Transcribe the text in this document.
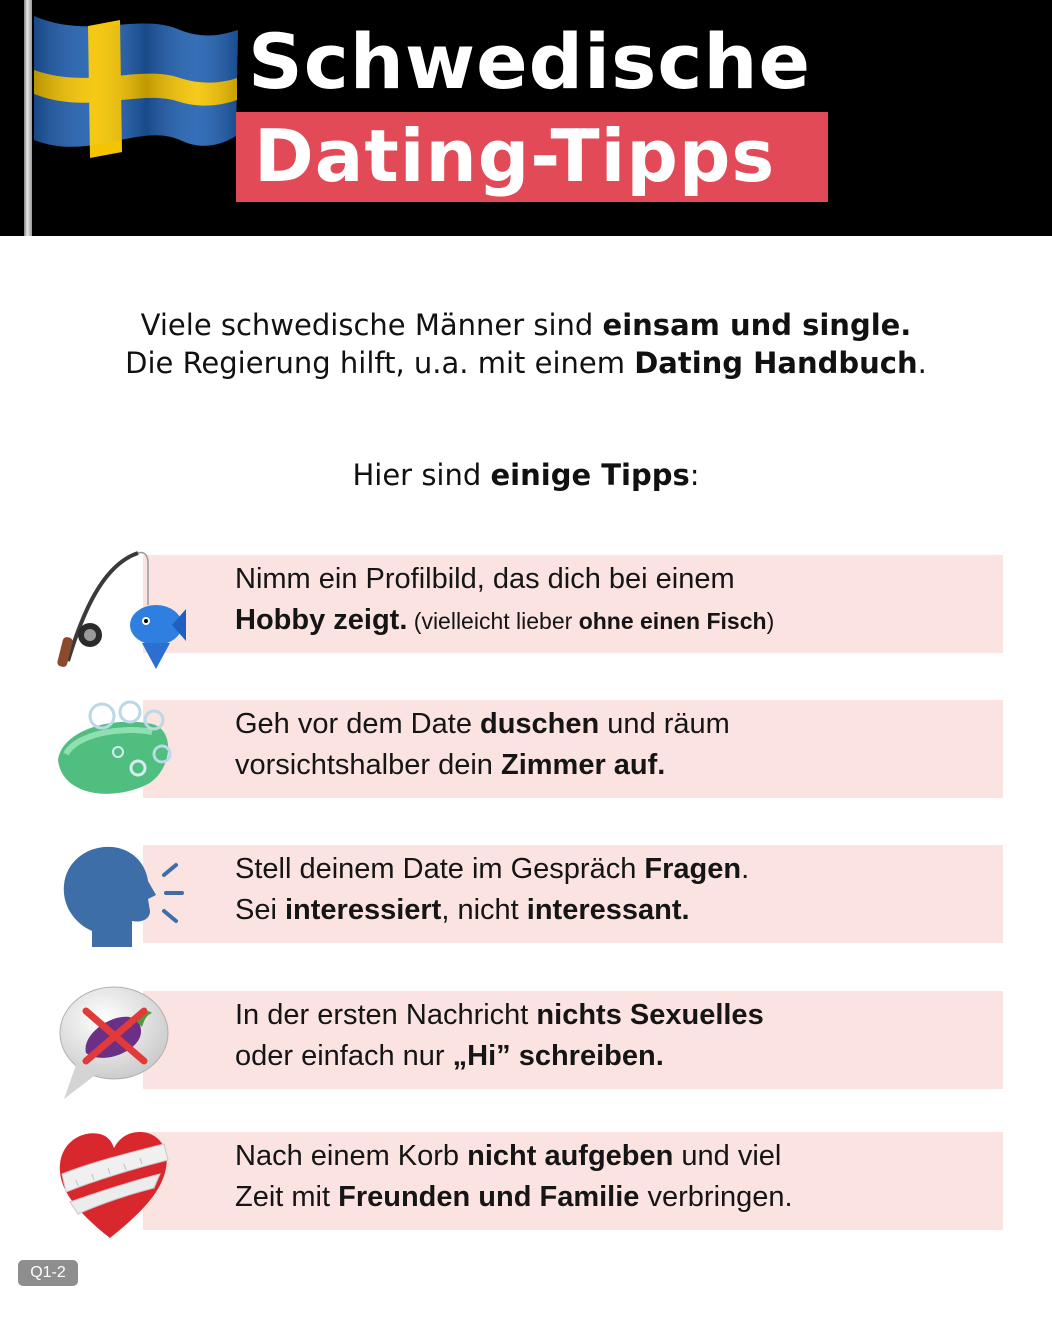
Schwedische
Dating-Tipps
Viele schwedische Männer sind einsam und single.
Die Regierung hilft, u.a. mit einem Dating Handbuch.
Hier sind einige Tipps:
Nimm ein Profilbild, das dich bei einem
Hobby zeigt. (vielleicht lieber ohne einen Fisch)
Geh vor dem Date duschen und räum
vorsichtshalber dein Zimmer auf.
Stell deinem Date im Gespräch Fragen.
Sei interessiert, nicht interessant.
In der ersten Nachricht nichts Sexuelles
oder einfach nur „Hi” schreiben.
Nach einem Korb nicht aufgeben und viel
Zeit mit Freunden und Familie verbringen.
Q1-2
